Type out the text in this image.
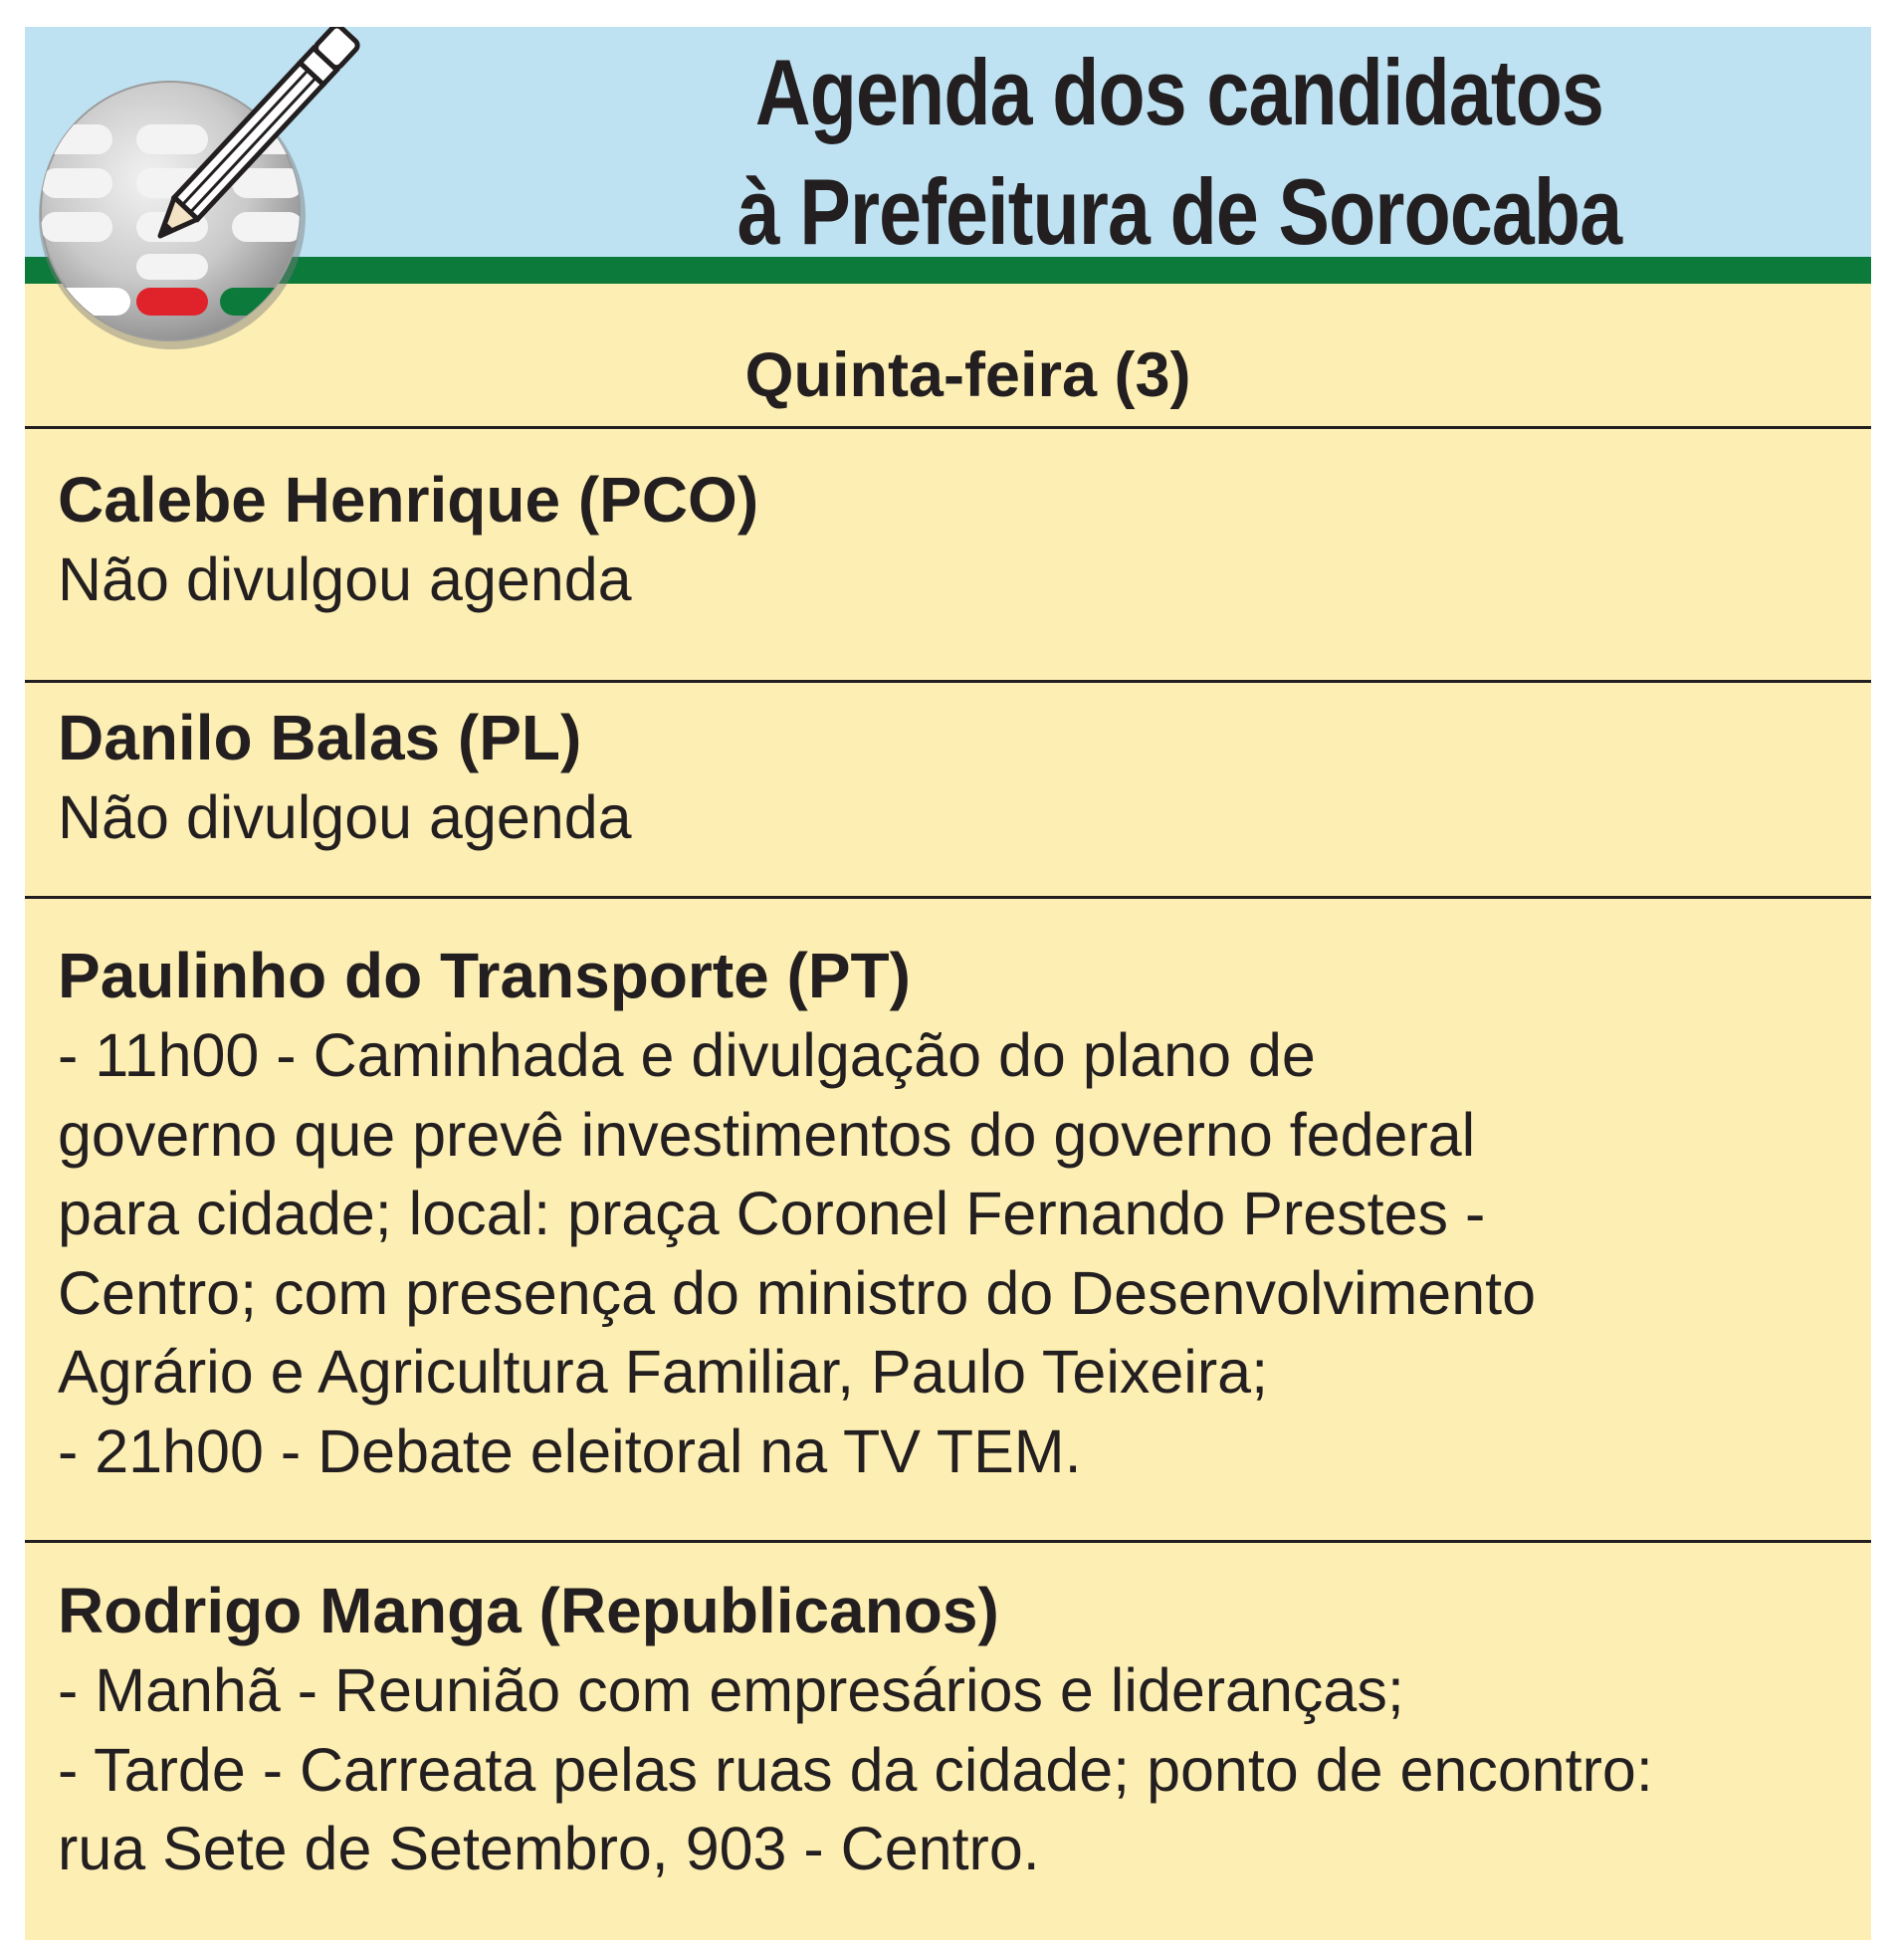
Agenda dos candidatos
à Prefeitura de Sorocaba
Quinta-feira (3)
Calebe Henrique (PCO)
Não divulgou agenda
Danilo Balas (PL)
Não divulgou agenda
Paulinho do Transporte (PT)
- 11h00 - Caminhada e divulgação do plano de
governo que prevê investimentos do governo federal
para cidade; local: praça Coronel Fernando Prestes -
Centro; com presença do ministro do Desenvolvimento
Agrário e Agricultura Familiar, Paulo Teixeira;
- 21h00 - Debate eleitoral na TV TEM.
Rodrigo Manga (Republicanos)
- Manhã - Reunião com empresários e lideranças;
- Tarde - Carreata pelas ruas da cidade; ponto de encontro:
rua Sete de Setembro, 903 - Centro.
